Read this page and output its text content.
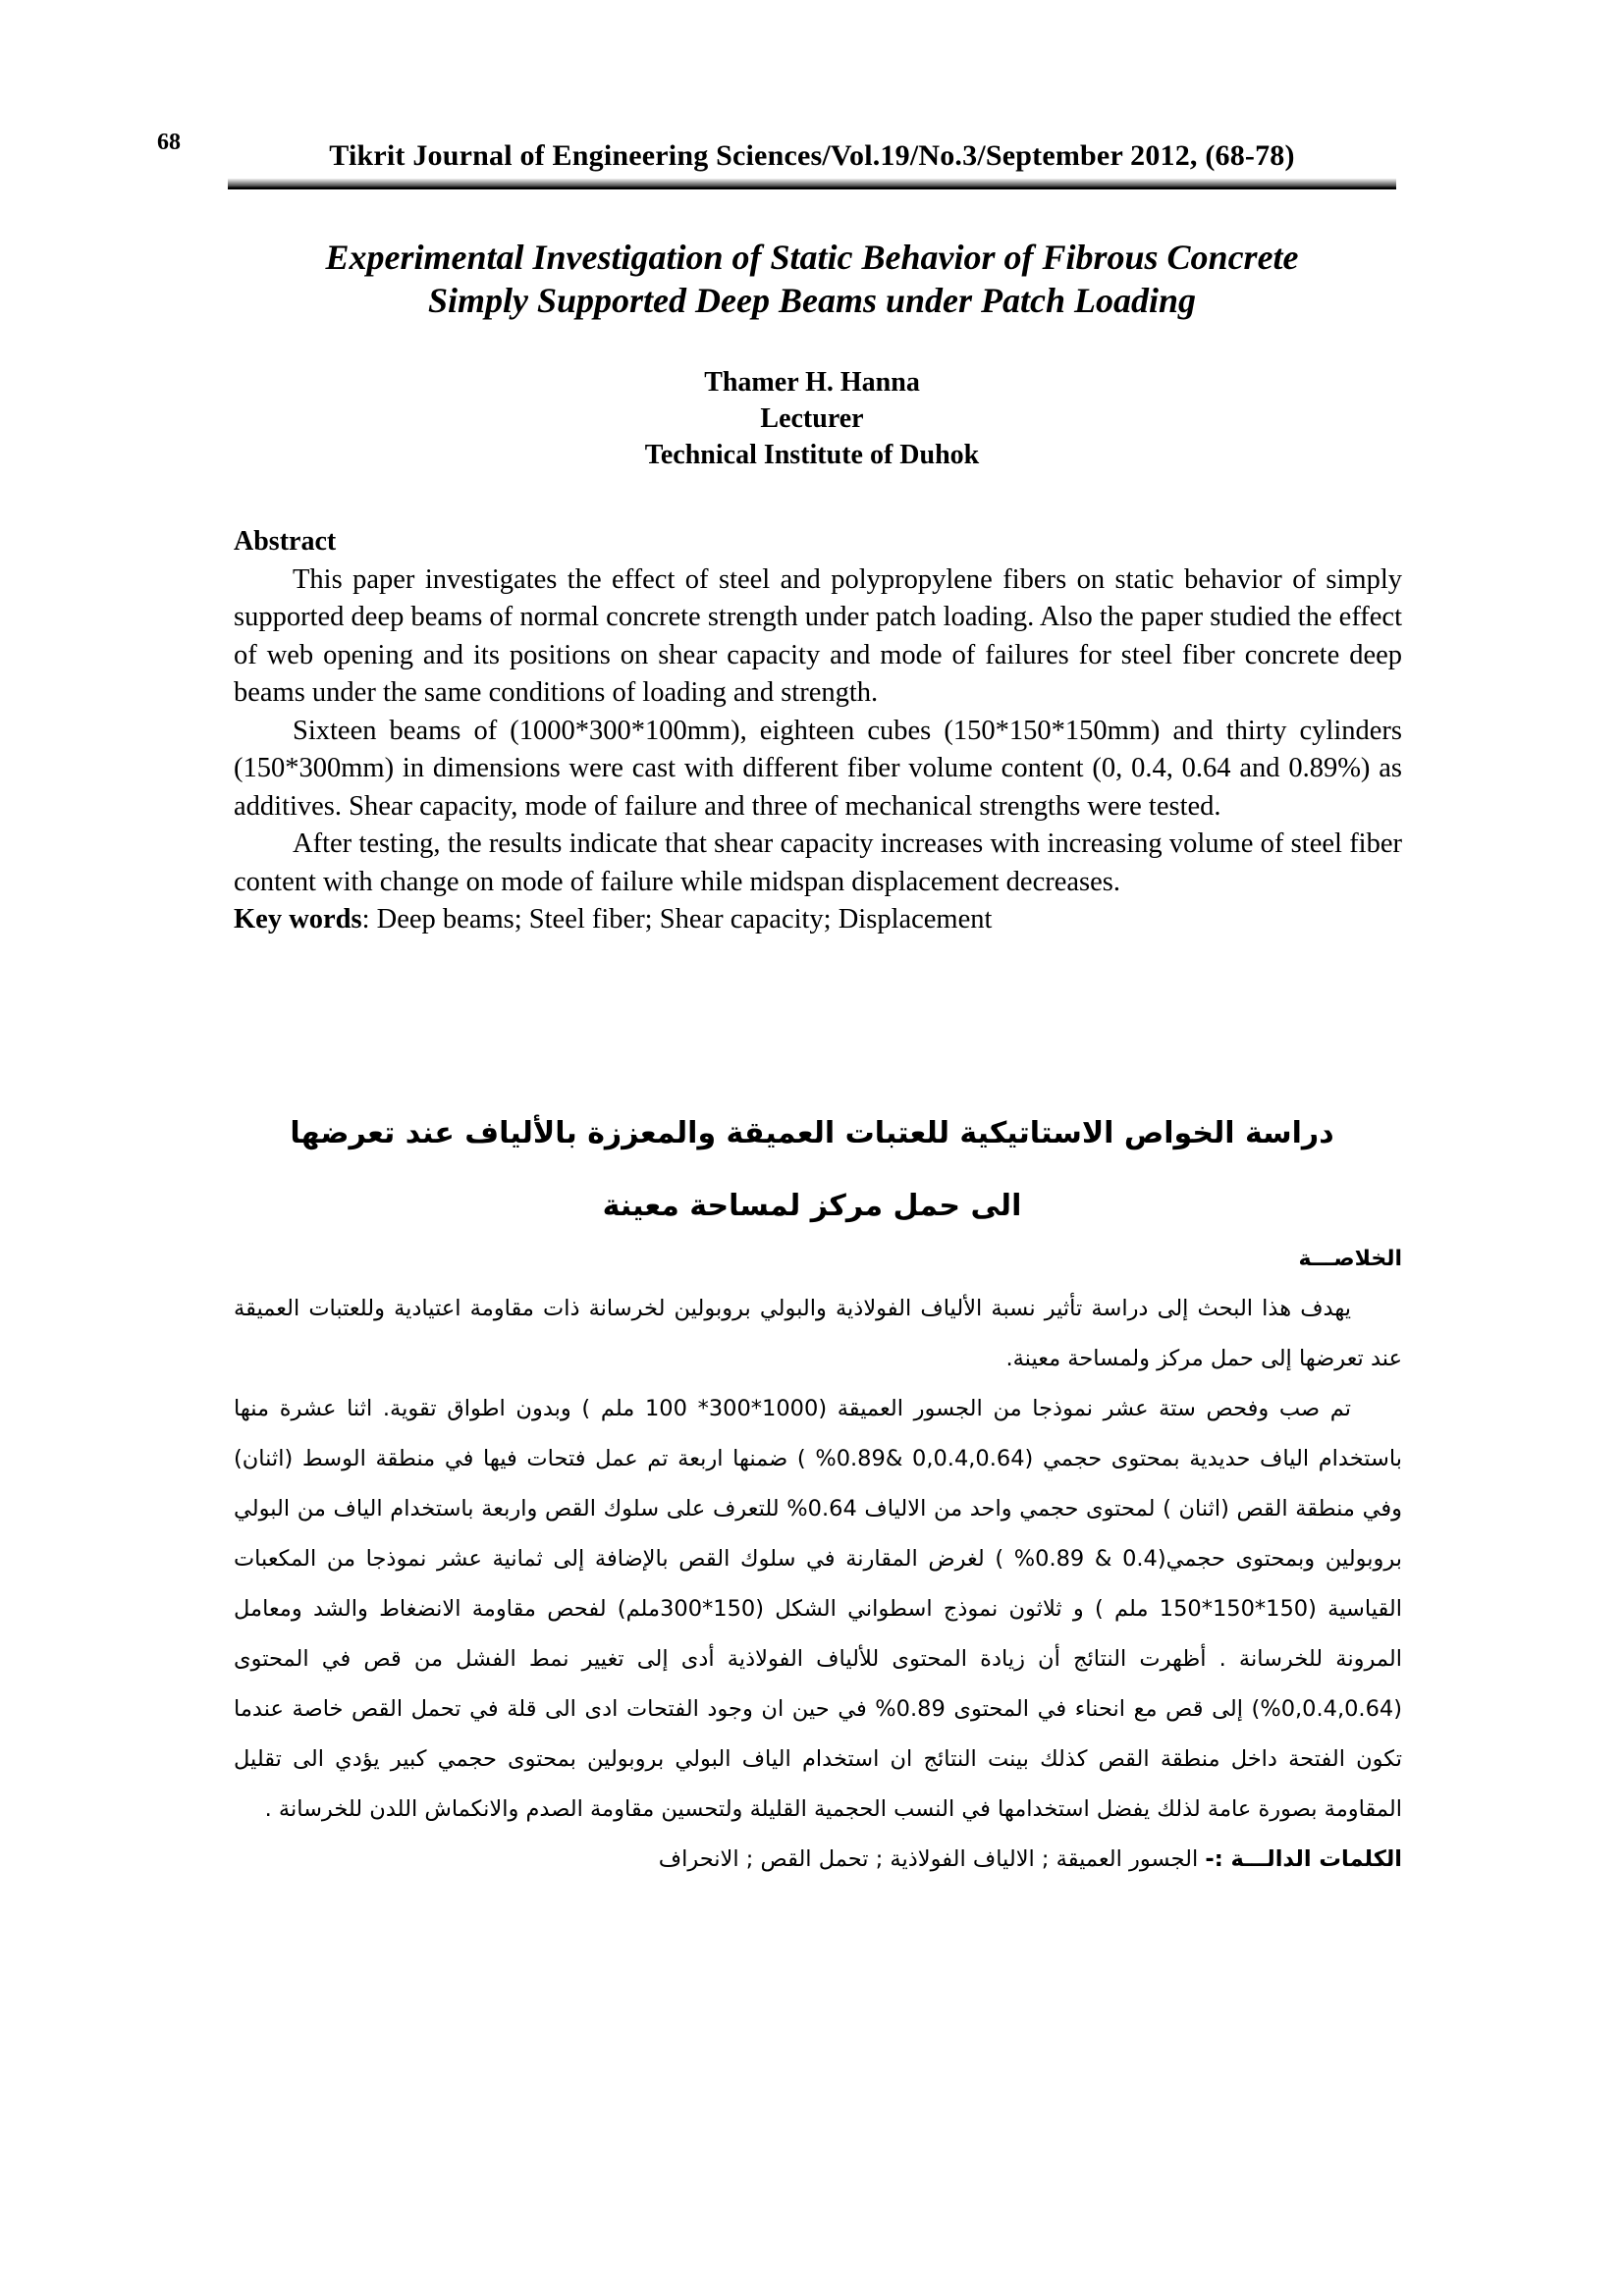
68	Tikrit Journal of Engineering Sciences/Vol.19/No.3/September 2012, (68-78)
Experimental Investigation of Static Behavior of Fibrous Concrete
Simply Supported Deep Beams under Patch Loading
Thamer H. Hanna
Lecturer
Technical Institute of Duhok
Abstract

This paper investigates the effect of steel and polypropylene fibers on static behavior of simply supported deep beams of normal concrete strength under patch loading. Also the paper studied the effect of web opening and its positions on shear capacity and mode of failures for steel fiber concrete deep beams under the same conditions of loading and strength.

Sixteen beams of (1000*300*100mm), eighteen cubes (150*150*150mm) and thirty cylinders (150*300mm) in dimensions were cast with different fiber volume content (0, 0.4, 0.64 and 0.89%) as additives. Shear capacity, mode of failure and three of mechanical strengths were tested.

After testing, the results indicate that shear capacity increases with increasing volume of steel fiber content with change on mode of failure while midspan displacement decreases.

Key words: Deep beams; Steel fiber; Shear capacity; Displacement
دراسة الخواص الاستاتيكية للعتبات العميقة والمعززة بالألياف عند تعرضها
الى حمل مركز لمساحة معينة
الخلاصـــة

يهدف هذا البحث إلى دراسة تأثير نسبة الألياف الفولاذية والبولي بروبولين لخرسانة ذات مقاومة اعتيادية وللعتبات العميقة عند تعرضها إلى حمل مركز ولمساحة معينة.

تم صب وفحص ستة عشر نموذجا من الجسور العميقة (1000*300* 100 ملم ) وبدون اطواق تقوية. اثنا عشرة منها باستخدام الياف حديدية بمحتوى حجمي (0,0.4,0.64 &0.89% ) ضمنها اربعة تم عمل فتحات فيها في منطقة الوسط (اثنان) وفي منطقة القص (اثنان ) لمحتوى حجمي واحد من الالياف 0.64% للتعرف على سلوك القص واربعة باستخدام الياف من البولي بروبولين وبمحتوى حجمي(0.4 & 0.89% ) لغرض المقارنة في سلوك القص بالإضافة إلى ثمانية عشر نموذجا من المكعبات القياسية (150*150*150 ملم ) و ثلاثون نموذج اسطواني الشكل (150*300ملم) لفحص مقاومة الانضغاط والشد ومعامل المرونة للخرسانة . أظهرت النتائج أن زيادة المحتوى للألياف الفولاذية أدى إلى تغيير نمط الفشل من قص في المحتوى (0,0.4,0.64%) إلى قص مع انحناء في المحتوى 0.89% في حين ان وجود الفتحات ادى الى قلة في تحمل القص خاصة عندما تكون الفتحة داخل منطقة القص كذلك بينت النتائج ان استخدام الياف البولي بروبولين بمحتوى حجمي كبير يؤدي الى تقليل المقاومة بصورة عامة لذلك يفضل استخدامها في النسب الحجمية القليلة ولتحسين مقاومة الصدم والانكماش اللدن للخرسانة .

الكلمات الدالـــة :- الجسور العميقة ; الالياف الفولاذية ; تحمل القص ; الانحراف
